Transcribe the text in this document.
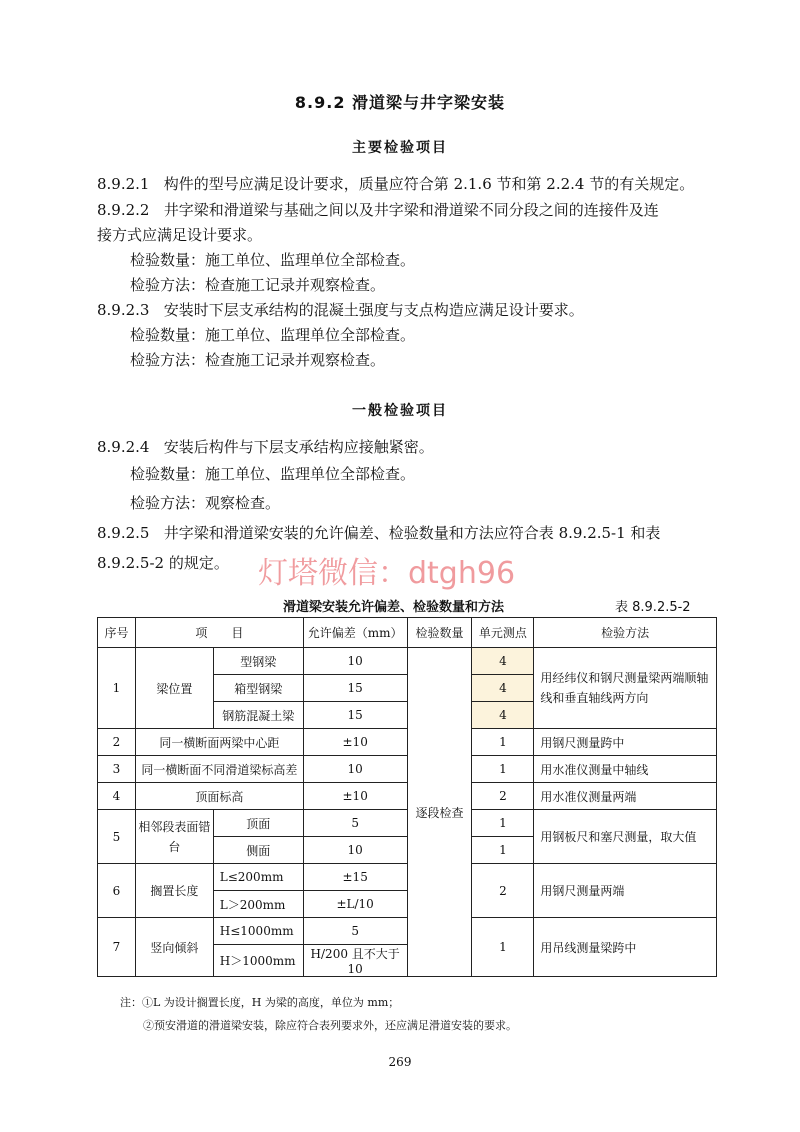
8.9.2 滑道梁与井字梁安装
主要检验项目
8.9.2.1 构件的型号应满足设计要求，质量应符合第 2.1.6 节和第 2.2.4 节的有关规定。
8.9.2.2 井字梁和滑道梁与基础之间以及井字梁和滑道梁不同分段之间的连接件及连
接方式应满足设计要求。
检验数量：施工单位、监理单位全部检查。
检验方法：检查施工记录并观察检查。
8.9.2.3 安装时下层支承结构的混凝土强度与支点构造应满足设计要求。
检验数量：施工单位、监理单位全部检查。
检验方法：检查施工记录并观察检查。
一般检验项目
8.9.2.4 安装后构件与下层支承结构应接触紧密。
检验数量：施工单位、监理单位全部检查。
检验方法：观察检查。
8.9.2.5 井字梁和滑道梁安装的允许偏差、检验数量和方法应符合表 8.9.2.5-1 和表
8.9.2.5-2 的规定。 灯塔微信：dtgh96
滑道梁安装允许偏差、检验数量和方法	表 8.9.2.5-2
序号	项　　目		允许偏差（mm）	检验数量	单元测点	检验方法
1	梁位置	型钢梁	10	逐段检查	4	用经纬仪和钢尺测量梁两端顺轴线和垂直轴线两方向
		箱型钢梁	15		4	
		钢筋混凝土梁	15		4	
2	同一横断面两梁中心距		±10		1	用钢尺测量跨中
3	同一横断面不同滑道梁标高差		10		1	用水准仪测量中轴线
4	顶面标高		±10		2	用水准仪测量两端
5	相邻段表面错台	顶面	5		1	用钢板尺和塞尺测量，取大值
		侧面	10		1	
6	搁置长度	L≤200mm	±15		2	用钢尺测量两端
		L＞200mm	±L/10			
7	竖向倾斜	H≤1000mm	5		1	用吊线测量梁跨中
		H＞1000mm	H/200 且不大于 10			
注：①L 为设计搁置长度，H 为梁的高度，单位为 mm；
②预安滑道的滑道梁安装，除应符合表列要求外，还应满足滑道安装的要求。
269
